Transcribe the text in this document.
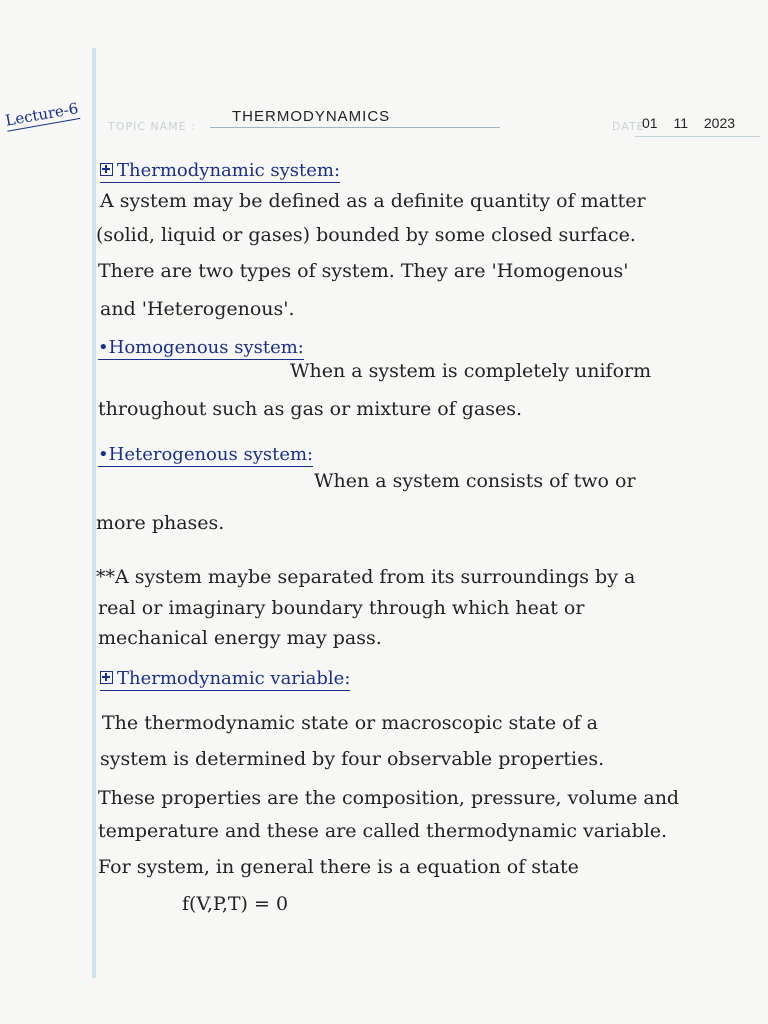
TOPIC NAME :	DATE
Lecture-6	THERMODYNAMICS	01 11 2023
Thermodynamic system:
A system may be defined as a definite quantity of matter
(solid, liquid or gases) bounded by some closed surface.
There are two types of system. They are 'Homogenous'
and 'Heterogenous'.
•Homogenous system:
When a system is completely uniform
throughout such as gas or mixture of gases.
•Heterogenous system:
When a system consists of two or
more phases.
**A system maybe separated from its surroundings by a
real or imaginary boundary through which heat or
mechanical energy may pass.
Thermodynamic variable:
The thermodynamic state or macroscopic state of a
system is determined by four observable properties.
These properties are the composition, pressure, volume and
temperature and these are called thermodynamic variable.
For system, in general there is a equation of state
f(V,P,T) = 0
